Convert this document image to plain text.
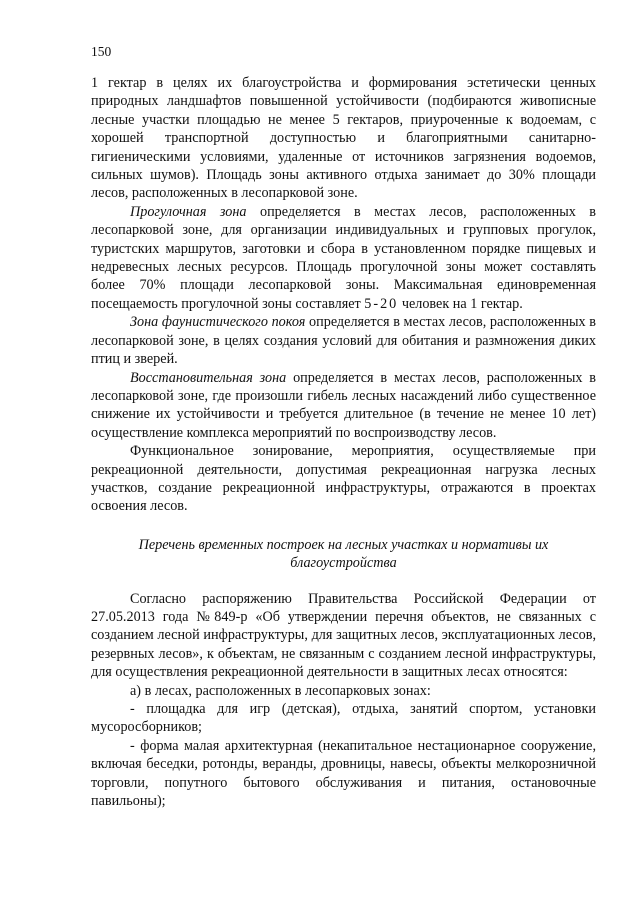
150

1 гектар в целях их благоустройства и формирования эстетически ценных природных ландшафтов повышенной устойчивости (подбираются живописные лесные участки площадью не менее 5 гектаров, приуроченные к водоемам, с хорошей транспортной доступностью и благоприятными санитарно-гигиеническими условиями, удаленные от источников загрязнения водоемов, сильных шумов). Площадь зоны активного отдыха занимает до 30% площади лесов, расположенных в лесопарковой зоне.

Прогулочная зона определяется в местах лесов, расположенных в лесопарковой зоне, для организации индивидуальных и групповых прогулок, туристских маршрутов, заготовки и сбора в установленном порядке пищевых и недревесных лесных ресурсов. Площадь прогулочной зоны может составлять более 70% площади лесопарковой зоны. Максимальная единовременная посещаемость прогулочной зоны составляет 5-20 человек на 1 гектар.

Зона фаунистического покоя определяется в местах лесов, расположенных в лесопарковой зоне, в целях создания условий для обитания и размножения диких птиц и зверей.

Восстановительная зона определяется в местах лесов, расположенных в лесопарковой зоне, где произошли гибель лесных насаждений либо существенное снижение их устойчивости и требуется длительное (в течение не менее 10 лет) осуществление комплекса мероприятий по воспроизводству лесов.

Функциональное зонирование, мероприятия, осуществляемые при рекреационной деятельности, допустимая рекреационная нагрузка лесных участков, создание рекреационной инфраструктуры, отражаются в проектах освоения лесов.

Перечень временных построек на лесных участках и нормативы их благоустройства

Согласно распоряжению Правительства Российской Федерации от 27.05.2013 года №849-р «Об утверждении перечня объектов, не связанных с созданием лесной инфраструктуры, для защитных лесов, эксплуатационных лесов, резервных лесов», к объектам, не связанным с созданием лесной инфраструктуры, для осуществления рекреационной деятельности в защитных лесах относятся:

а) в лесах, расположенных в лесопарковых зонах:

- площадка для игр (детская), отдыха, занятий спортом, установки мусоросборников;

- форма малая архитектурная (некапитальное нестационарное сооружение, включая беседки, ротонды, веранды, дровницы, навесы, объекты мелкорозничной торговли, попутного бытового обслуживания и питания, остановочные павильоны);
